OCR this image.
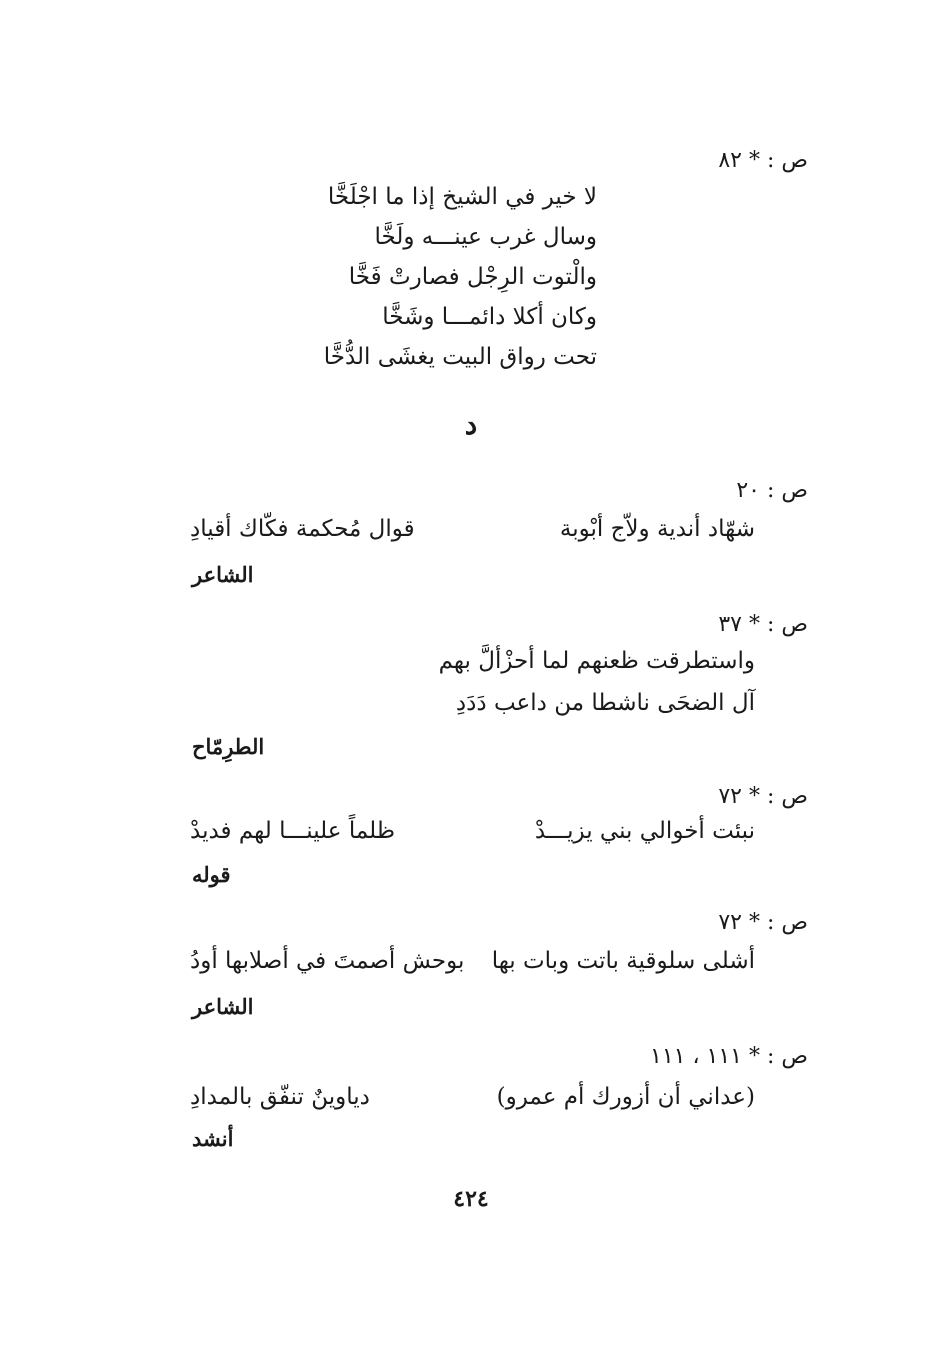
ص : * ٨٢
لا خير في الشيخ إذا ما اجْلَخَّا
وسال غرب عينـــه ولَخَّا
والْتوت الرِجْل فصارتْ فَخَّا
وكان أكلا دائمـــا وشَخَّا
تحت رواق البيت يغشَى الدُّخَّا
د
ص : ٢٠
شهّاد أندية ولاّج أبْوبة
قوال مُحكمة فكّاك أقيادِ
الشاعر
ص : * ٣٧
واستطرقت ظعنهم لما أحزْألَّ بهم
آل الضحَى ناشطا من داعب دَدَدِ
الطرِمّاح
ص : * ٧٢
نبئت أخوالي بني يزيـــدْ
ظلماً علينـــا لهم فديدْ
قوله
ص : * ٧٢
أشلى سلوقية باتت وبات بها
بوحش أصمتَ في أصلابها أودُ
الشاعر
ص : * ١١١ ، ١١١
(عداني أن أزورك أم عمرو)
دياوينٌ تنفّق بالمدادِ
أنشد
٤٢٤
